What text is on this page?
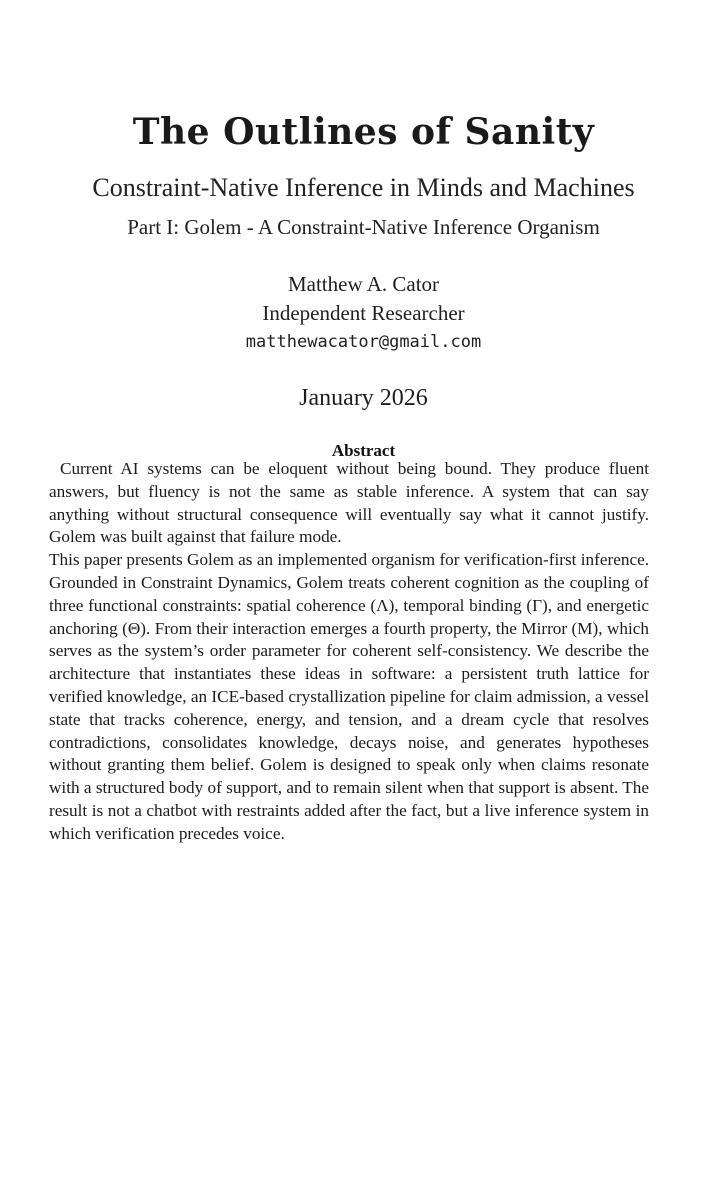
The Outlines of Sanity
Constraint-Native Inference in Minds and Machines
Part I: Golem - A Constraint-Native Inference Organism
Matthew A. Cator
Independent Researcher
matthewacator@gmail.com
January 2026
Abstract

Current AI systems can be eloquent without being bound. They produce fluent answers, but fluency is not the same as stable inference. A system that can say anything without structural consequence will eventually say what it cannot justify. Golem was built against that failure mode.

This paper presents Golem as an implemented organism for verification-first inference. Grounded in Constraint Dynamics, Golem treats coherent cognition as the coupling of three functional constraints: spatial coherence (Λ), temporal binding (Γ), and energetic anchoring (Θ). From their interaction emerges a fourth property, the Mirror (M), which serves as the system’s order parameter for coherent self-consistency. We describe the architecture that instantiates these ideas in software: a persistent truth lattice for verified knowledge, an ICE-based crystallization pipeline for claim admission, a vessel state that tracks coherence, energy, and tension, and a dream cycle that resolves contradictions, consolidates knowledge, decays noise, and generates hypotheses without granting them belief. Golem is designed to speak only when claims resonate with a structured body of support, and to remain silent when that support is absent. The result is not a chatbot with restraints added after the fact, but a live inference system in which verification precedes voice.
